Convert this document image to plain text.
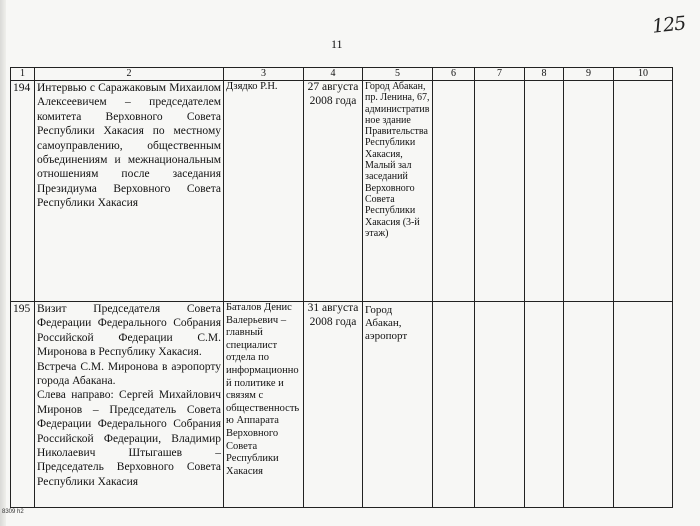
11
125
1	2	3	4	5	6	7	8	9	10
194	Интервью с Саражаковым Михаилом Алексеевичем – председателем комитета Верховного Совета Республики Хакасия по местному самоуправлению, общественным объединениям и межнациональным отношениям после заседания Президиума Верховного Совета Республики Хакасия	Дзядко Р.Н.	27 августа 2008 года	Город Абакан, пр. Ленина, 67, административное здание Правительства Республики Хакасия, Малый зал заседаний Верховного Совета Республики Хакасия (3-й этаж)					
195	Визит Председателя Совета Федерации Федерального Собрания Российской Федерации С.М. Миронова в Республику Хакасия.
Встреча С.М. Миронова в аэропорту города Абакана.
Слева направо: Сергей Михайлович Миронов – Председатель Совета Федерации Федерального Собрания Российской Федерации, Владимир Николаевич Штыгашев – Председатель Верховного Совета Республики Хакасия	Баталов Денис Валерьевич – главный специалист отдела по информационной политике и связям с общественностью Аппарата Верховного Совета Республики Хакасия	31 августа 2008 года	Город Абакан, аэропорт					
8309 h2
